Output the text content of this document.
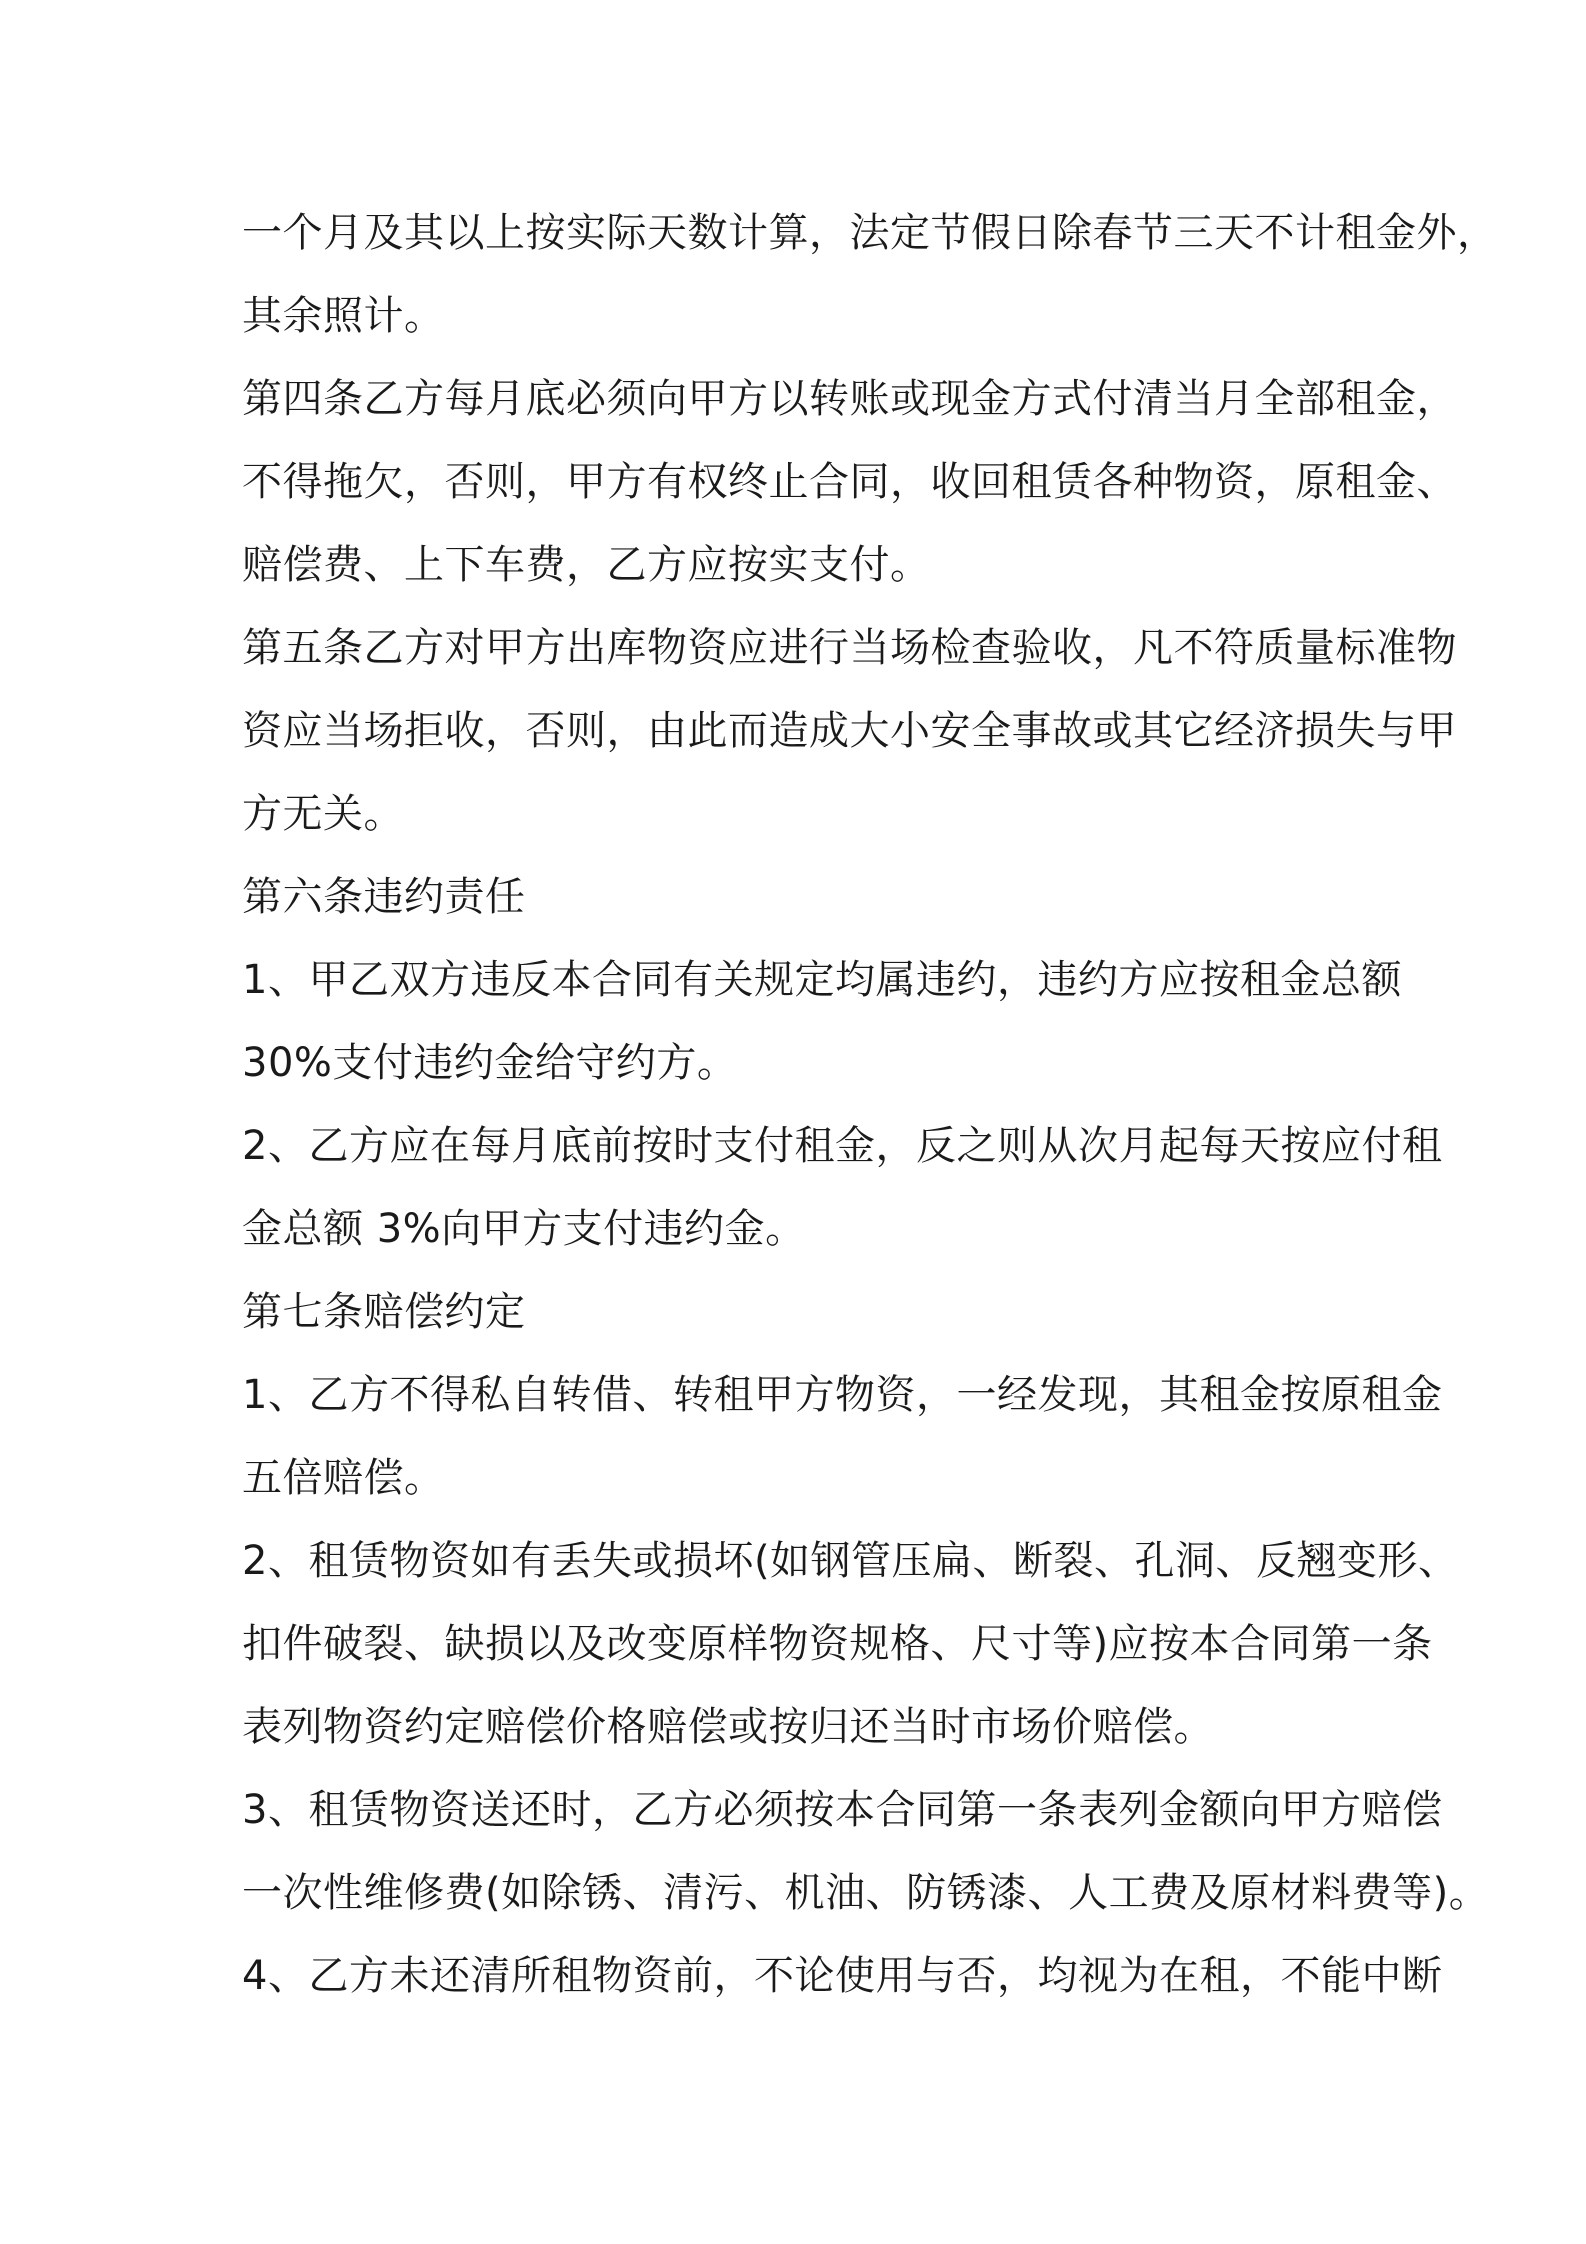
一个月及其以上按实际天数计算，法定节假日除春节三天不计租金外，
其余照计。
第四条乙方每月底必须向甲方以转账或现金方式付清当月全部租金，
不得拖欠，否则，甲方有权终止合同，收回租赁各种物资，原租金、
赔偿费、上下车费，乙方应按实支付。
第五条乙方对甲方出库物资应进行当场检查验收，凡不符质量标准物
资应当场拒收，否则，由此而造成大小安全事故或其它经济损失与甲
方无关。
第六条违约责任
1、甲乙双方违反本合同有关规定均属违约，违约方应按租金总额
30%支付违约金给守约方。
2、乙方应在每月底前按时支付租金，反之则从次月起每天按应付租
金总额 3%向甲方支付违约金。
第七条赔偿约定
1、乙方不得私自转借、转租甲方物资，一经发现，其租金按原租金
五倍赔偿。
2、租赁物资如有丢失或损坏(如钢管压扁、断裂、孔洞、反翘变形、
扣件破裂、缺损以及改变原样物资规格、尺寸等)应按本合同第一条
表列物资约定赔偿价格赔偿或按归还当时市场价赔偿。
3、租赁物资送还时，乙方必须按本合同第一条表列金额向甲方赔偿
一次性维修费(如除锈、清污、机油、防锈漆、人工费及原材料费等)。
4、乙方未还清所租物资前，不论使用与否，均视为在租，不能中断
